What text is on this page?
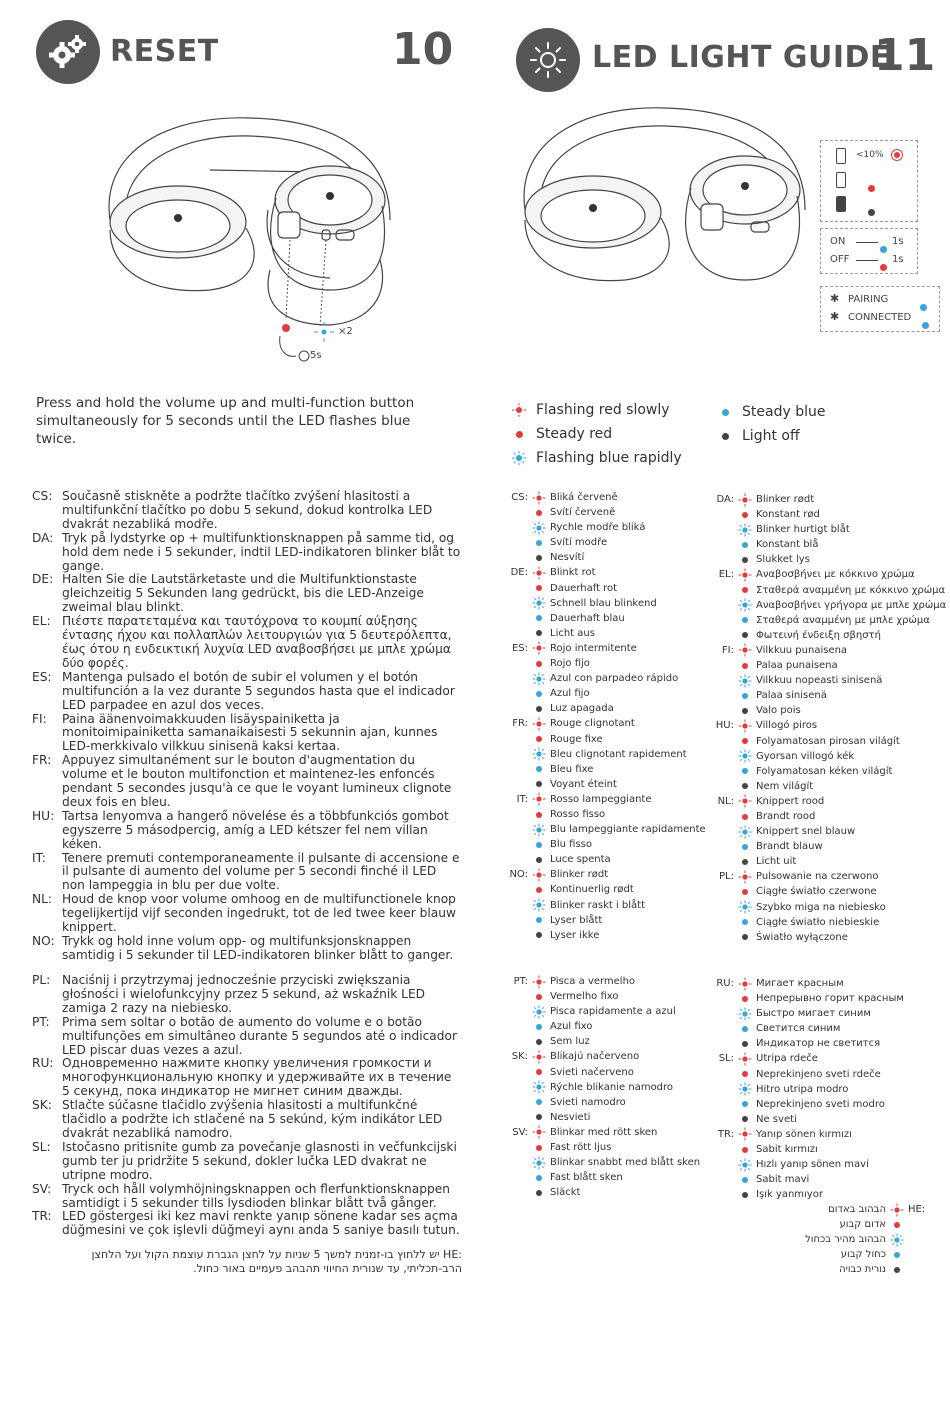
RESET	10	LED LIGHT GUIDE
11
×2
5s
<10%
ON	1s
OFF	1s
✱ PAIRING
✱ CONNECTED
Press and hold the volume up and multi-function button simultaneously for 5 seconds until the LED flashes blue twice.
Flashing red slowly
Steady red
Flashing blue rapidly
Steady blue
Light off
CS: Současně stiskněte a podržte tlačítko zvýšení hlasitosti a multifunkční tlačítko po dobu 5 sekund, dokud kontrolka LED dvakrát nezabliká modře.
DA: Tryk på lydstyrke op + multifunktionsknappen på samme tid, og hold dem nede i 5 sekunder, indtil LED-indikatoren blinker blåt to gange.
DE: Halten Sie die Lautstärketaste und die Multifunktionstaste gleichzeitig 5 Sekunden lang gedrückt, bis die LED-Anzeige zweimal blau blinkt.
EL: Πιέστε παρατεταμένα και ταυτόχρονα το κουμπί αύξησης έντασης ήχου και πολλαπλών λειτουργιών για 5 δευτερόλεπτα, έως ότου η ενδεικτική λυχνία LED αναβοσβήσει με μπλε χρώμα δύο φορές.
ES: Mantenga pulsado el botón de subir el volumen y el botón multifunción a la vez durante 5 segundos hasta que el indicador LED parpadee en azul dos veces.
FI:	Paina äänenvoimakkuuden lisäyspainiketta ja monitoimipainiketta samanaikaisesti 5 sekunnin ajan, kunnes LED-merkkivalo vilkkuu sinisenä kaksi kertaa.
FR: Appuyez simultanément sur le bouton d'augmentation du volume et le bouton multifonction et maintenez-les enfoncés pendant 5 secondes jusqu'à ce que le voyant lumineux clignote deux fois en bleu.
HU: Tartsa lenyomva a hangerő növelése és a többfunkciós gombot egyszerre 5 másodpercig, amíg a LED kétszer fel nem villan kéken.
IT:	Tenere premuti contemporaneamente il pulsante di accensione e il pulsante di aumento del volume per 5 secondi finché il LED non lampeggia in blu per due volte.
NL: Houd de knop voor volume omhoog en de multifunctionele knop tegelijkertijd vijf seconden ingedrukt, tot de led twee keer blauw knippert.
NO: Trykk og hold inne volum opp- og multifunksjonsknappen samtidig i 5 sekunder til LED-indikatoren blinker blått to ganger.
PL: Naciśnij i przytrzymaj jednocześnie przyciski zwiększania głośności i wielofunkcyjny przez 5 sekund, aż wskaźnik LED zamiga 2 razy na niebiesko.
PT:	Prima sem soltar o botão de aumento do volume e o botão multifunções em simultâneo durante 5 segundos até o indicador LED piscar duas vezes a azul.
RU: Одновременно нажмите кнопку увеличения громкости и многофункциональную кнопку и удерживайте их в течение 5 секунд, пока индикатор не мигнет синим дважды.
SK: Stlačte súčasne tlačidlo zvýšenia hlasitosti a multifunkčné tlačidlo a podržte ich stlačené na 5 sekúnd, kým indikátor LED dvakrát nezabliká namodro.
SL: Istočasno pritisnite gumb za povečanje glasnosti in večfunkcijski gumb ter ju pridržite 5 sekund, dokler lučka LED dvakrat ne utripne modro.
SV: Tryck och håll volymhöjningsknappen och flerfunktionsknappen samtidigt i 5 sekunder tills lysdioden blinkar blått två gånger.
TR: LED göstergesi iki kez mavi renkte yanıp sönene kadar ses açma düğmesini ve çok işlevli düğmeyi aynı anda 5 saniye basılı tutun.
:HE יש ללחוץ בו-זמנית למשך 5 שניות על לחצן הגברת עוצמת הקול ועל הלחצן הרב-תכליתי, עד שנורית החיווי תהבהב פעמיים באור כחול.
CS:	Bliká červeně
Svítí červeně
Rychle modře bliká
Svítí modře
Nesvítí
DE:	Blinkt rot
Dauerhaft rot
Schnell blau blinkend
Dauerhaft blau
Licht aus
ES:	Rojo intermitente
Rojo fijo
Azul con parpadeo rápido
Azul fijo
Luz apagada
FR:	Rouge clignotant
Rouge fixe
Bleu clignotant rapidement
Bleu fixe
Voyant éteint
IT:	Rosso lampeggiante
Rosso fisso
Blu lampeggiante rapidamente
Blu fisso
Luce spenta
NO:	Blinker rødt
Kontinuerlig rødt
Blinker raskt i blått
Lyser blått
Lyser ikke
DA:	Blinker rødt
Konstant rød
Blinker hurtigt blåt
Konstant blå
Slukket lys
EL:	Αναβοσβήνει με κόκκινο χρώμα
Σταθερά αναμμένη με κόκκινο χρώμα
Αναβοσβήνει γρήγορα με μπλε χρώμα
Σταθερά αναμμένη με μπλε χρώμα
Φωτεινή ένδειξη σβηστή
FI:	Vilkkuu punaisena
Palaa punaisena
Vilkkuu nopeasti sinisenä
Palaa sinisenä
Valo pois
HU:	Villogó piros
Folyamatosan pirosan világít
Gyorsan villogó kék
Folyamatosan kéken világít
Nem világít
NL:	Knippert rood
Brandt rood
Knippert snel blauw
Brandt blauw
Licht uit
PL:	Pulsowanie na czerwono
Ciągłe światło czerwone
Szybko miga na niebiesko
Ciągłe światło niebieskie
Światło wyłączone
PT:	Pisca a vermelho
Vermelho fixo
Pisca rapidamente a azul
Azul fixo
Sem luz
SK:	Blikajú načerveno
Svieti načerveno
Rýchle blikanie namodro
Svieti namodro
Nesvieti
SV:	Blinkar med rött sken
Fast rött ljus
Blinkar snabbt med blått sken
Fast blått sken
Släckt
RU:	Мигает красным
Непрерывно горит красным
Быстро мигает синим
Светится синим
Индикатор не светится
SL:	Utripa rdeče
Neprekinjeno sveti rdeče
Hitro utripa modro
Neprekinjeno sveti modro
Ne sveti
TR:	Yanıp sönen kırmızı
Sabit kırmızı
Hızlı yanıp sönen mavi
Sabit mavi
Işık yanmıyor
:HE
הבהוב באדום
אדום קבוע
הבהוב מהיר בכחול
כחול קבוע
נורית כבויה
